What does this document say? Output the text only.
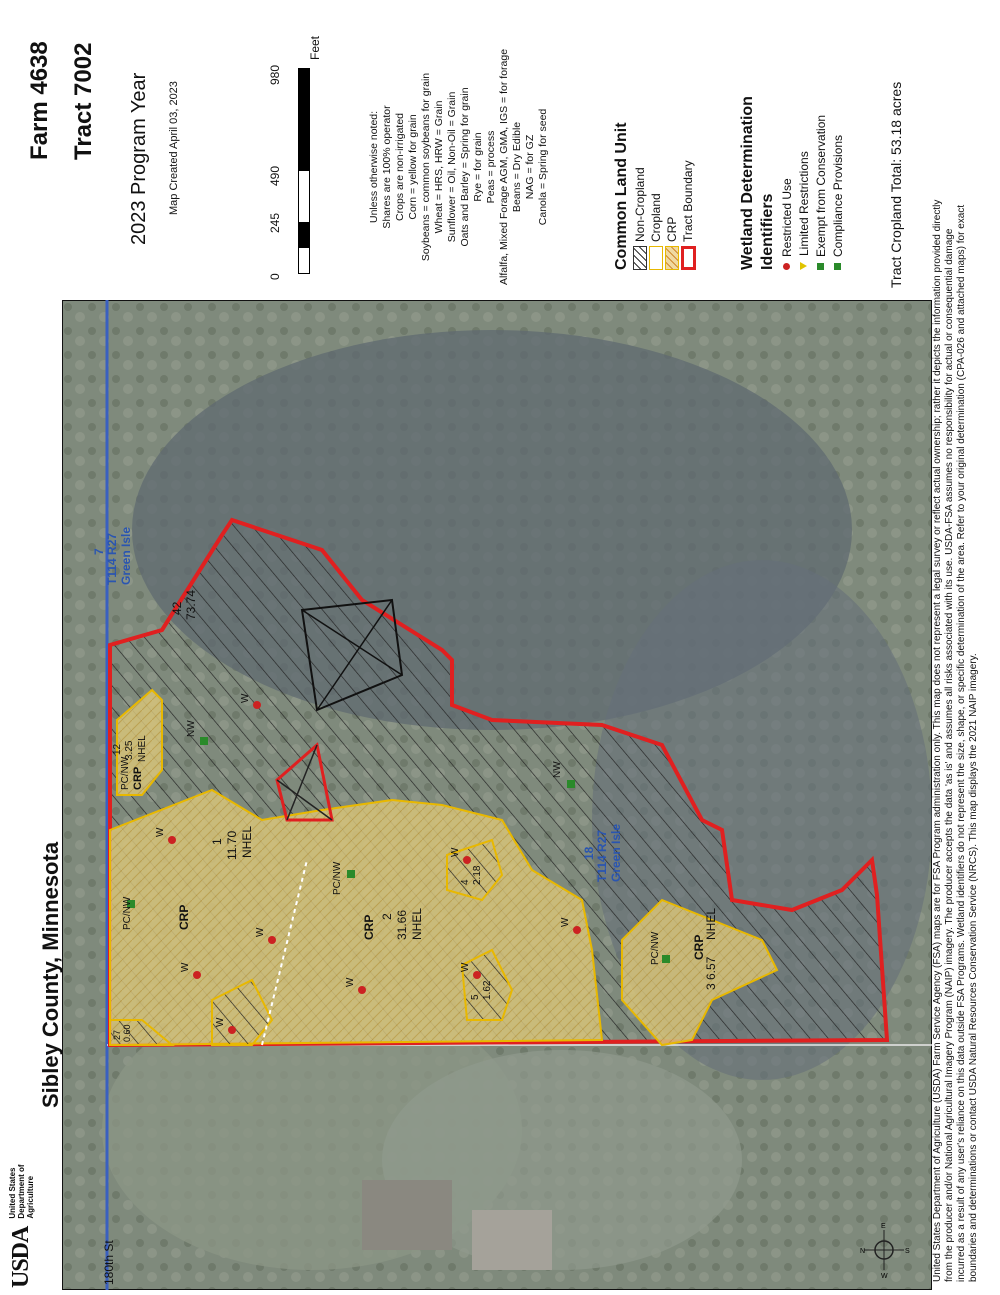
N
E
S
W
180th St
7 T114 R27 Green Isle
18 T114 R27 Green Isle
42 73.74
12 3.25 NHEL
PC/NW CRP
1 11.70 NHEL
CRP	CRP 2 31.66 NHEL
CRP
3
6.57
NHEL
PC/NW
4 2.18
5 1.62
27 0.60
W
NW
W
PC/NW
W
W
W
W
PC/NW
W
W
NW
W
USDA
United States Department of Agriculture
Sibley County, Minnesota
Farm 4638 Tract 7002 2023 Program Year Map Created April 03, 2023
0
245
490
980
Feet
Unless otherwise noted: Shares are 100% operator Crops are non-irrigated Corn = yellow for grain Soybeans = common soybeans for grain Wheat = HRS, HRW = Grain Sunflower = Oil, Non-Oil = Grain Oats and Barley = Spring for grain Rye = for grain Peas = process Alfalfa, Mixed Forage AGM, GMA, IGS = for forage Beans = Dry Edible NAG = for GZ Canola = Spring for seed	Common Land Unit Non-Cropland Cropland CRP Tract Boundary	Wetland Determination Identifiers Restricted Use Limited Restrictions Exempt from Conservation Compliance Provisions	Tract Cropland Total: 53.18 acres
United States Department of Agriculture (USDA) Farm Service Agency (FSA) maps are for FSA Program administration only. This map does not represent a legal survey or reflect actual ownership; rather it depicts the information provided directly from the producer and/or National Agricultural Imagery Program (NAIP) imagery. The producer accepts the data 'as is' and assumes all risks associated with its use. USDA-FSA assumes no responsibility for actual or consequential damage incurred as a result of any user's reliance on this data outside FSA Programs. Wetland identifiers do not represent the size, shape, or specific determination of the area. Refer to your original determination (CPA-026 and attached maps) for exact boundaries and determinations or contact USDA Natural Resources Conservation Service (NRCS). This map displays the 2021 NAIP imagery.
